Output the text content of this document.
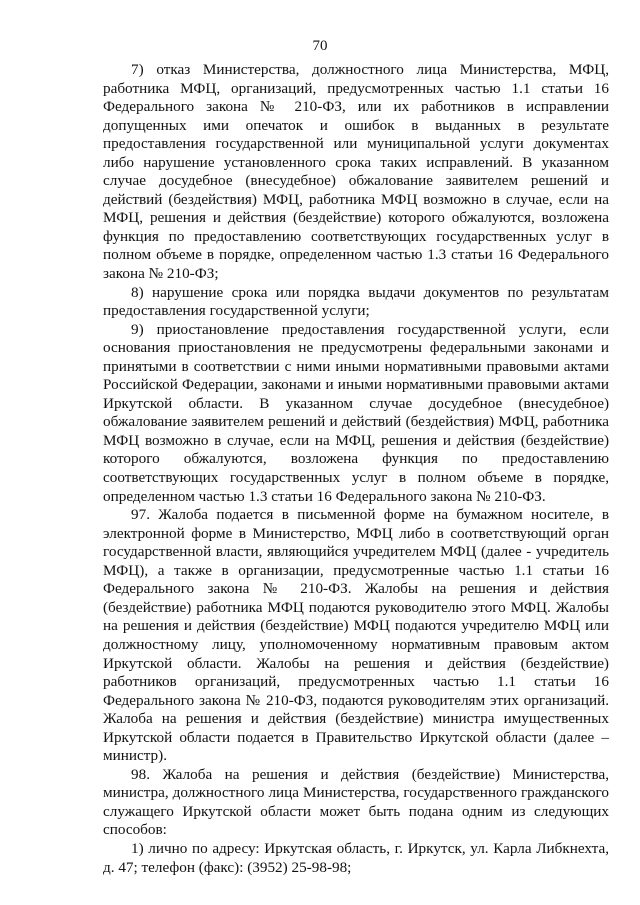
70

7) отказ Министерства, должностного лица Министерства, МФЦ, работника МФЦ, организаций, предусмотренных частью 1.1 статьи 16 Федерального закона № 210-ФЗ, или их работников в исправлении допущенных ими опечаток и ошибок в выданных в результате предоставления государственной или муниципальной услуги документах либо нарушение установленного срока таких исправлений. В указанном случае досудебное (внесудебное) обжалование заявителем решений и действий (бездействия) МФЦ, работника МФЦ возможно в случае, если на МФЦ, решения и действия (бездействие) которого обжалуются, возложена функция по предоставлению соответствующих государственных услуг в полном объеме в порядке, определенном частью 1.3 статьи 16 Федерального закона № 210-ФЗ;

8) нарушение срока или порядка выдачи документов по результатам предоставления государственной услуги;

9) приостановление предоставления государственной услуги, если основания приостановления не предусмотрены федеральными законами и принятыми в соответствии с ними иными нормативными правовыми актами Российской Федерации, законами и иными нормативными правовыми актами Иркутской области. В указанном случае досудебное (внесудебное) обжалование заявителем решений и действий (бездействия) МФЦ, работника МФЦ возможно в случае, если на МФЦ, решения и действия (бездействие) которого обжалуются, возложена функция по предоставлению соответствующих государственных услуг в полном объеме в порядке, определенном частью 1.3 статьи 16 Федерального закона № 210-ФЗ.

97. Жалоба подается в письменной форме на бумажном носителе, в электронной форме в Министерство, МФЦ либо в соответствующий орган государственной власти, являющийся учредителем МФЦ (далее - учредитель МФЦ), а также в организации, предусмотренные частью 1.1 статьи 16 Федерального закона № 210-ФЗ. Жалобы на решения и действия (бездействие) работника МФЦ подаются руководителю этого МФЦ. Жалобы на решения и действия (бездействие) МФЦ подаются учредителю МФЦ или должностному лицу, уполномоченному нормативным правовым актом Иркутской области. Жалобы на решения и действия (бездействие) работников организаций, предусмотренных частью 1.1 статьи 16 Федерального закона № 210-ФЗ, подаются руководителям этих организаций. Жалоба на решения и действия (бездействие) министра имущественных Иркутской области подается в Правительство Иркутской области (далее – министр).

98. Жалоба на решения и действия (бездействие) Министерства, министра, должностного лица Министерства, государственного гражданского служащего Иркутской области может быть подана одним из следующих способов:

1) лично по адресу: Иркутская область, г. Иркутск, ул. Карла Либкнехта, д. 47; телефон (факс): (3952) 25-98-98;
